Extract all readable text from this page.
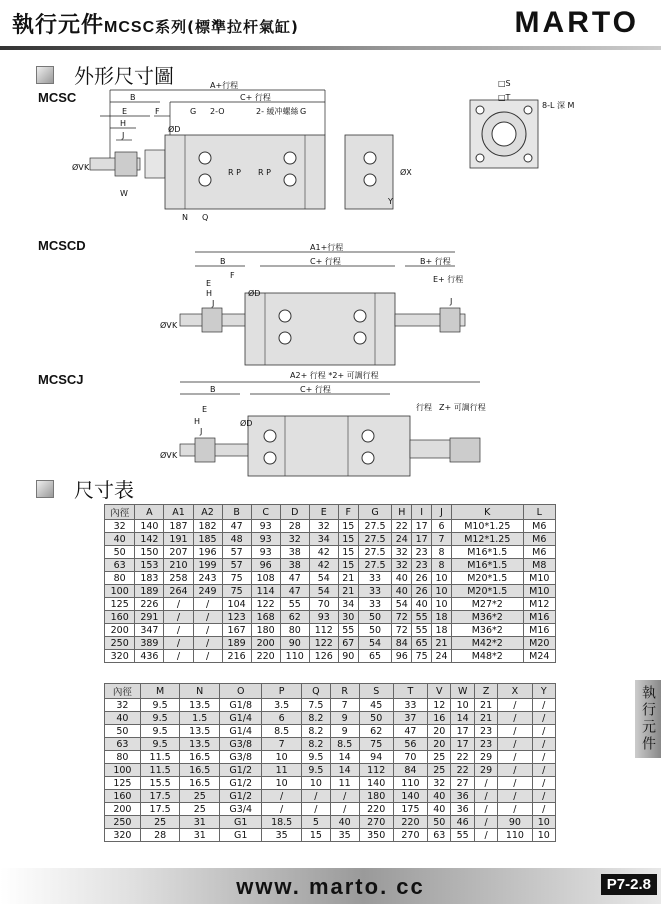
執行元件MCSC系列(標準拉杆氣缸)	MARTO
外形尺寸圖
MCSC
A+行程
B	C+ 行程
G 2-O	2- 緩冲螺絲 G
E	F
H
J
ØV K
W
ØD
R P R P
N Q
ØX
Y
□S
□T
8-L 深 M
MCSCD	A1+行程
B	C+ 行程	B+ 行程
E+ 行程
F
E
H
J	J
ØV K
ØD
MCSCJ	A2+ 行程 *2+ 可調行程
B	C+ 行程
行程 Z+ 可調行程
E
H
J
ØV K
ØD
尺寸表
內徑	A	A1	A2	B	C	D	E	F	G	H	I	J	K	L
32	140	187	182	47	93	28	32	15	27.5	22	17	6	M10*1.25	M6
40	142	191	185	48	93	32	34	15	27.5	24	17	7	M12*1.25	M6
50	150	207	196	57	93	38	42	15	27.5	32	23	8	M16*1.5	M6
63	153	210	199	57	96	38	42	15	27.5	32	23	8	M16*1.5	M8
80	183	258	243	75	108	47	54	21	33	40	26	10	M20*1.5	M10
100	189	264	249	75	114	47	54	21	33	40	26	10	M20*1.5	M10
125	226	/	/	104	122	55	70	34	33	54	40	10	M27*2	M12
160	291	/	/	123	168	62	93	30	50	72	55	18	M36*2	M16
200	347	/	/	167	180	80	112	55	50	72	55	18	M36*2	M16
250	389	/	/	189	200	90	122	67	54	84	65	21	M42*2	M20
320	436	/	/	216	220	110	126	90	65	96	75	24	M48*2	M24
內徑	M	N	O	P	Q	R	S	T	V	W	Z	X	Y
32	9.5	13.5	G1/8	3.5	7.5	7	45	33	12	10	21	/	/
40	9.5	1.5	G1/4	6	8.2	9	50	37	16	14	21	/	/
50	9.5	13.5	G1/4	8.5	8.2	9	62	47	20	17	23	/	/
63	9.5	13.5	G3/8	7	8.2	8.5	75	56	20	17	23	/	/
80	11.5	16.5	G3/8	10	9.5	14	94	70	25	22	29	/	/
100	11.5	16.5	G1/2	11	9.5	14	112	84	25	22	29	/	/
125	15.5	16.5	G1/2	10	10	11	140	110	32	27	/	/	/
160	17.5	25	G1/2	/	/	/	180	140	40	36	/	/	/
200	17.5	25	G3/4	/	/	/	220	175	40	36	/	/	/
250	25	31	G1	18.5	5	40	270	220	50	46	/	90	10
320	28	31	G1	35	15	35	350	270	63	55	/	110	10
執行元件
www. marto. cc	P7-2.8
